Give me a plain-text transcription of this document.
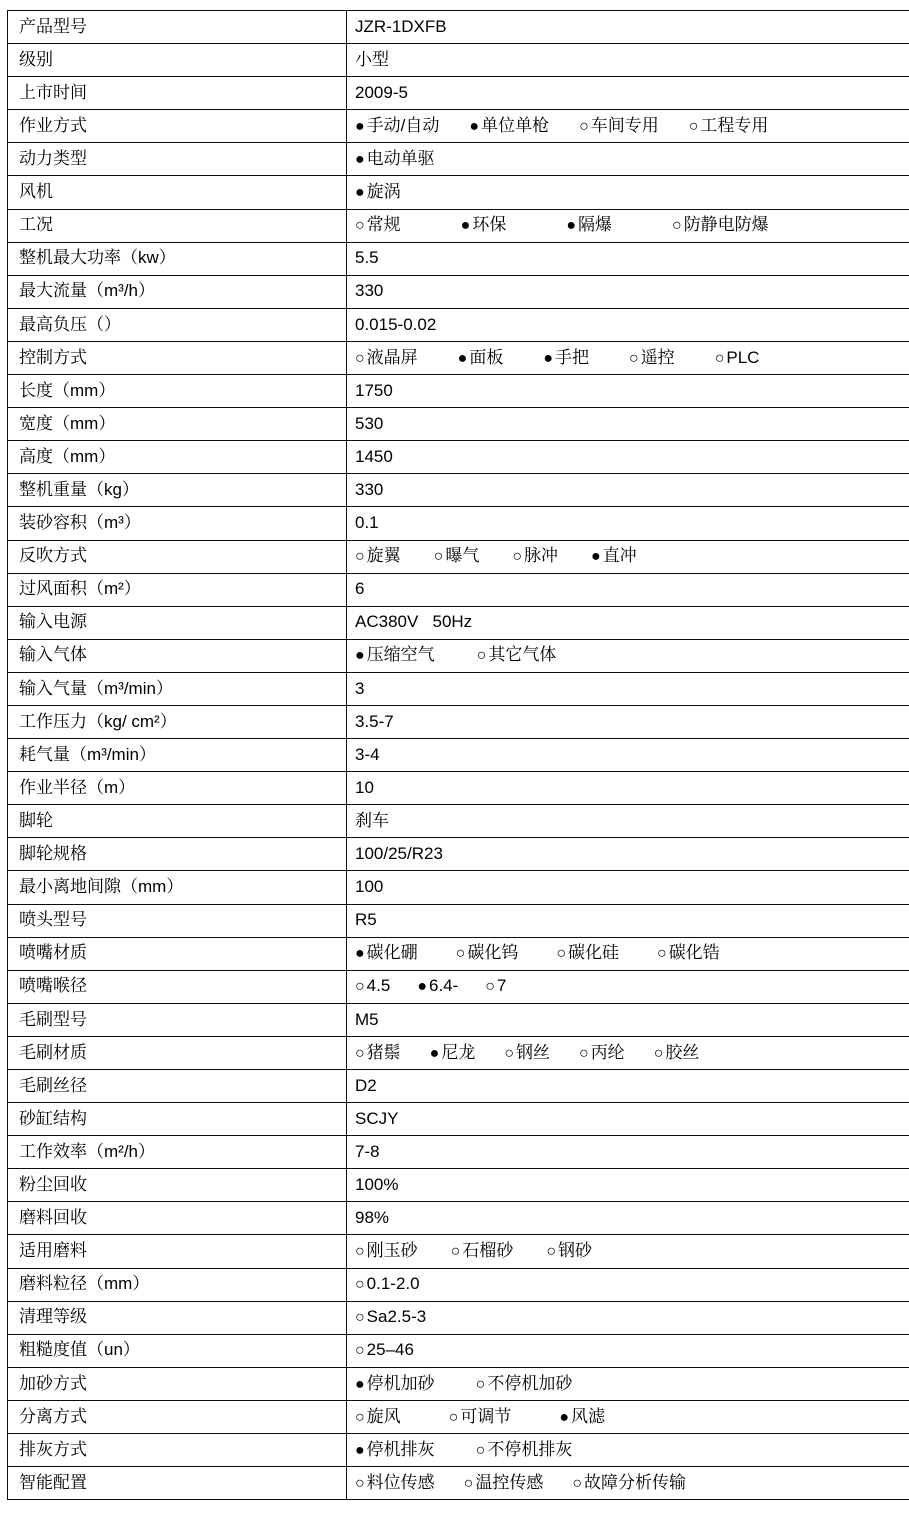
产品型号	JZR-1DXFB
级别	小型
上市时间	2009-5
作业方式	● 手动/自动 ● 单位单枪 ○ 车间专用 ○ 工程专用
动力类型	● 电动单驱
风机	● 旋涡
工况	○ 常规 ● 环保 ● 隔爆 ○ 防静电防爆
整机最大功率（kw）	5.5
最大流量（m³/h）	330
最高负压（）	0.015-0.02
控制方式	○ 液晶屏 ● 面板 ● 手把 ○ 遥控 ○ PLC
长度（mm）	1750
宽度（mm）	530
高度（mm）	1450
整机重量（kg）	330
装砂容积（m³）	0.1
反吹方式	○ 旋翼 ○ 曝气 ○ 脉冲 ● 直冲
过风面积（m²）	6
输入电源	AC380V   50Hz
输入气体	● 压缩空气 ○ 其它气体
输入气量（m³/min）	3
工作压力（kg/ cm²）	3.5-7
耗气量（m³/min）	3-4
作业半径（m）	10
脚轮	刹车
脚轮规格	100/25/R23
最小离地间隙（mm）	100
喷头型号	R5
喷嘴材质	● 碳化硼 ○ 碳化钨 ○ 碳化硅 ○ 碳化锆
喷嘴喉径	○ 4.5 ● 6.4- ○ 7
毛刷型号	M5
毛刷材质	○ 猪鬃 ● 尼龙 ○ 钢丝 ○ 丙纶 ○ 胶丝
毛刷丝径	D2
砂缸结构	SCJY
工作效率（m²/h）	7-8
粉尘回收	100%
磨料回收	98%
适用磨料	○ 刚玉砂 ○ 石榴砂 ○ 钢砂
磨料粒径（mm）	○ 0.1-2.0
清理等级	○ Sa2.5-3
粗糙度值（un）	○ 25–46
加砂方式	● 停机加砂 ○ 不停机加砂
分离方式	○ 旋风 ○ 可调节 ● 风滤
排灰方式	● 停机排灰 ○ 不停机排灰
智能配置	○ 料位传感 ○ 温控传感 ○ 故障分析传输
